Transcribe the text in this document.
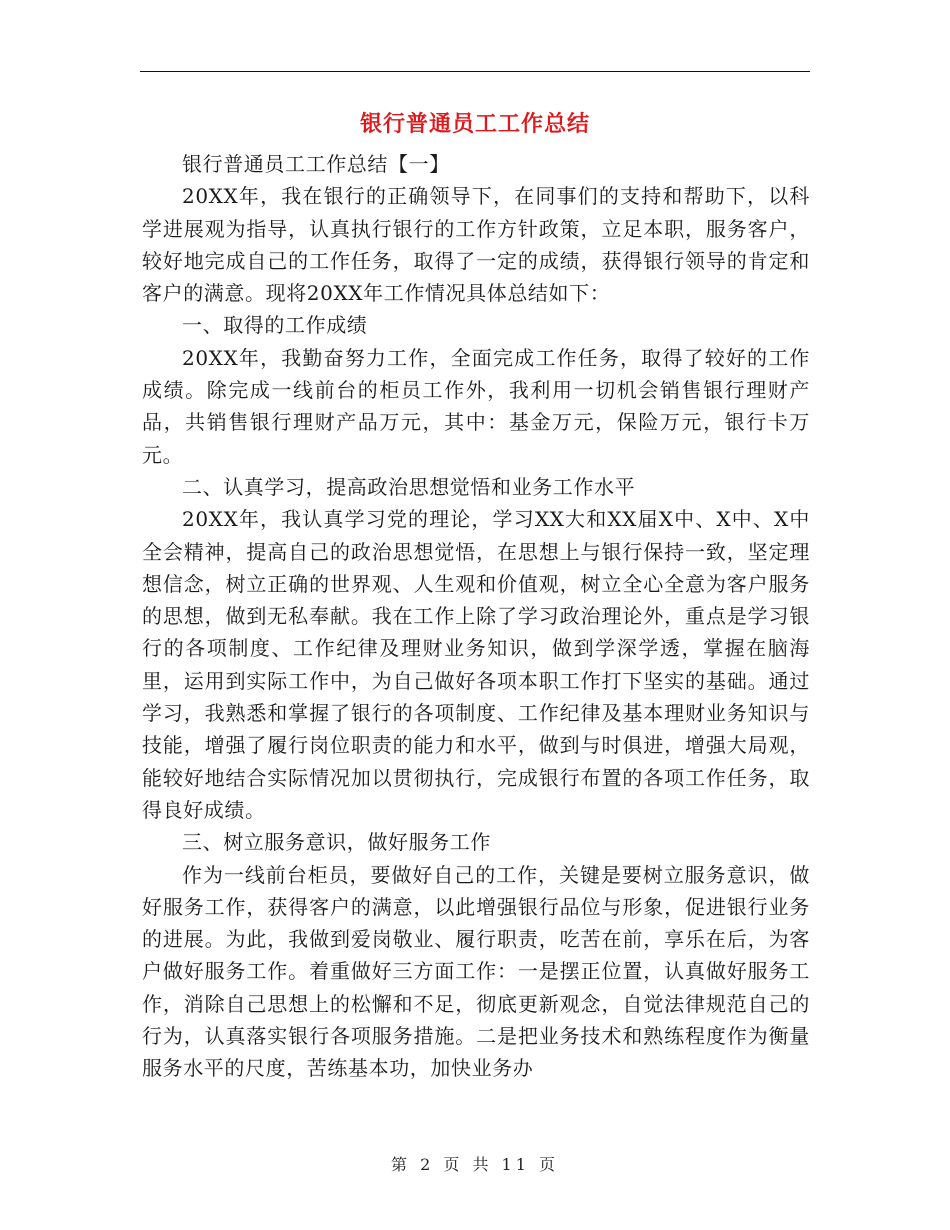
银行普通员工工作总结

银行普通员工工作总结【一】

20XX年，我在银行的正确领导下，在同事们的支持和帮助下，以科学进展观为指导，认真执行银行的工作方针政策，立足本职，服务客户，较好地完成自己的工作任务，取得了一定的成绩，获得银行领导的肯定和客户的满意。现将20XX年工作情况具体总结如下：

一、取得的工作成绩

20XX年，我勤奋努力工作，全面完成工作任务，取得了较好的工作成绩。除完成一线前台的柜员工作外，我利用一切机会销售银行理财产品，共销售银行理财产品万元，其中：基金万元，保险万元，银行卡万元。

二、认真学习，提高政治思想觉悟和业务工作水平

20XX年，我认真学习党的理论，学习XX大和XX届X中、X中、X中全会精神，提高自己的政治思想觉悟，在思想上与银行保持一致，坚定理想信念，树立正确的世界观、人生观和价值观，树立全心全意为客户服务的思想，做到无私奉献。我在工作上除了学习政治理论外，重点是学习银行的各项制度、工作纪律及理财业务知识，做到学深学透，掌握在脑海里，运用到实际工作中，为自己做好各项本职工作打下坚实的基础。通过学习，我熟悉和掌握了银行的各项制度、工作纪律及基本理财业务知识与技能，增强了履行岗位职责的能力和水平，做到与时俱进，增强大局观，能较好地结合实际情况加以贯彻执行，完成银行布置的各项工作任务，取得良好成绩。

三、树立服务意识，做好服务工作

作为一线前台柜员，要做好自己的工作，关键是要树立服务意识，做好服务工作，获得客户的满意，以此增强银行品位与形象，促进银行业务的进展。为此，我做到爱岗敬业、履行职责，吃苦在前，享乐在后，为客户做好服务工作。着重做好三方面工作：一是摆正位置，认真做好服务工作，消除自己思想上的松懈和不足，彻底更新观念，自觉法律规范自己的行为，认真落实银行各项服务措施。二是把业务技术和熟练程度作为衡量服务水平的尺度，苦练基本功，加快业务办

第 2 页 共 11 页
